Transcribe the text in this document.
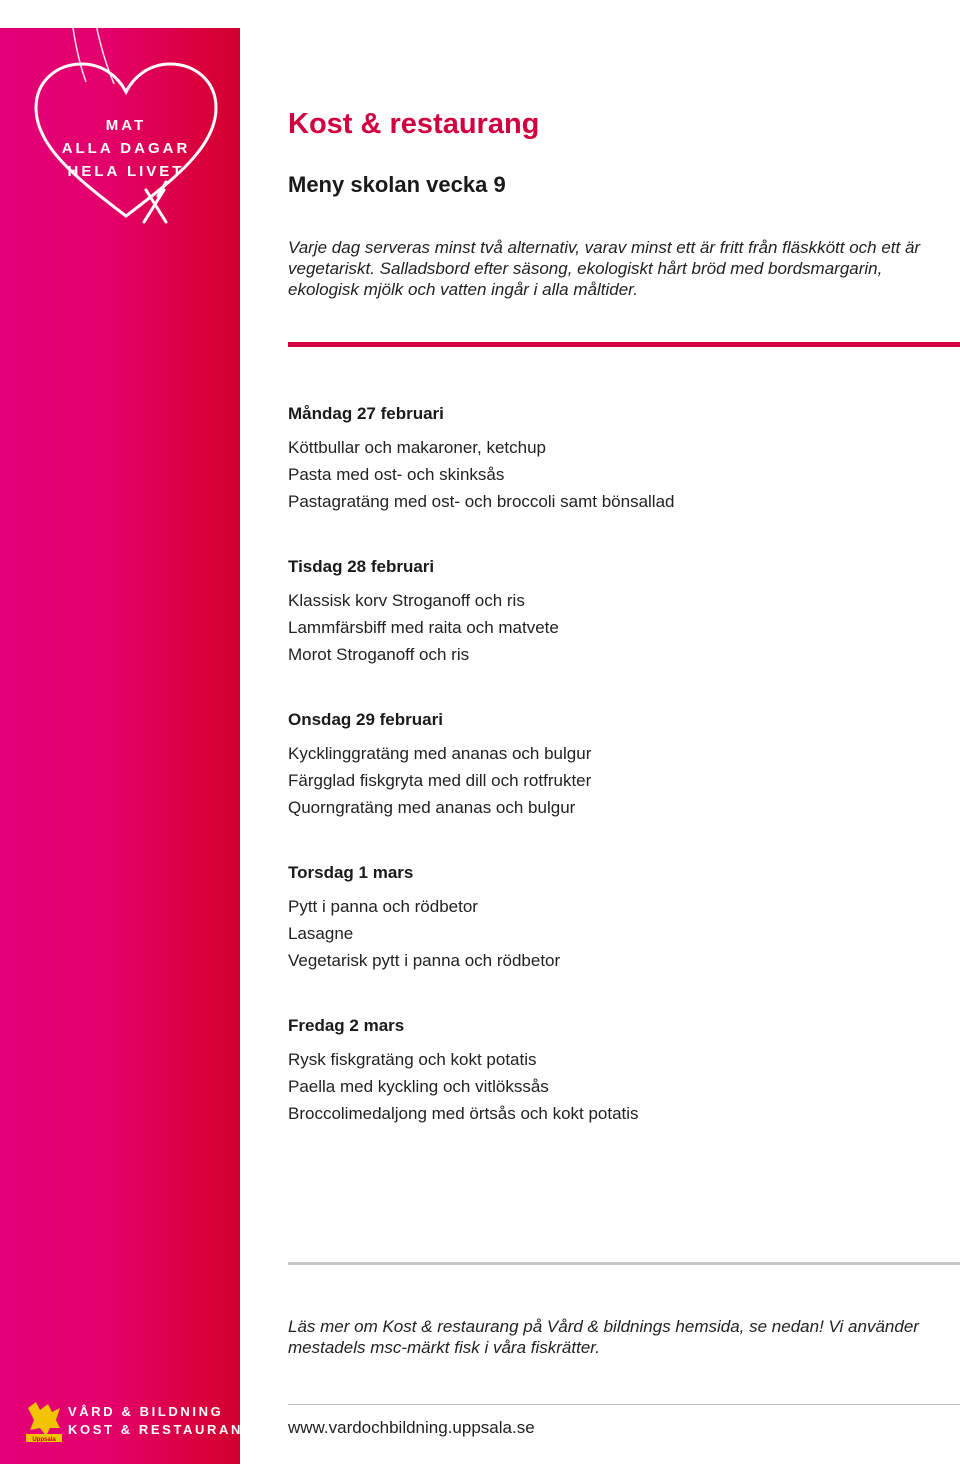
MAT
ALLA DAGAR
HELA LIVET
Uppsala
VÅRD & BILDNING
KOST & RESTAURANG
Kost & restaurang
Meny skolan vecka 9

Varje dag serveras minst två alternativ, varav minst ett är fritt från fläskkött och ett är vegetariskt. Salladsbord efter säsong, ekologiskt hårt bröd med bordsmargarin, ekologisk mjölk och vatten ingår i alla måltider.

Måndag 27 februari

Köttbullar och makaroner, ketchup

Pasta med ost- och skinksås

Pastagratäng med ost- och broccoli samt bönsallad

Tisdag 28 februari

Klassisk korv Stroganoff och ris

Lammfärsbiff med raita och matvete

Morot Stroganoff och ris

Onsdag 29 februari

Kycklinggratäng med ananas och bulgur

Färgglad fiskgryta med dill och rotfrukter

Quorngratäng med ananas och bulgur

Torsdag 1 mars

Pytt i panna och rödbetor

Lasagne

Vegetarisk pytt i panna och rödbetor

Fredag 2 mars

Rysk fiskgratäng och kokt potatis

Paella med kyckling och vitlökssås

Broccolimedaljong med örtsås och kokt potatis

Läs mer om Kost & restaurang på Vård & bildnings hemsida, se nedan! Vi använder mestadels msc-märkt fisk i våra fiskrätter.

www.vardochbildning.uppsala.se
